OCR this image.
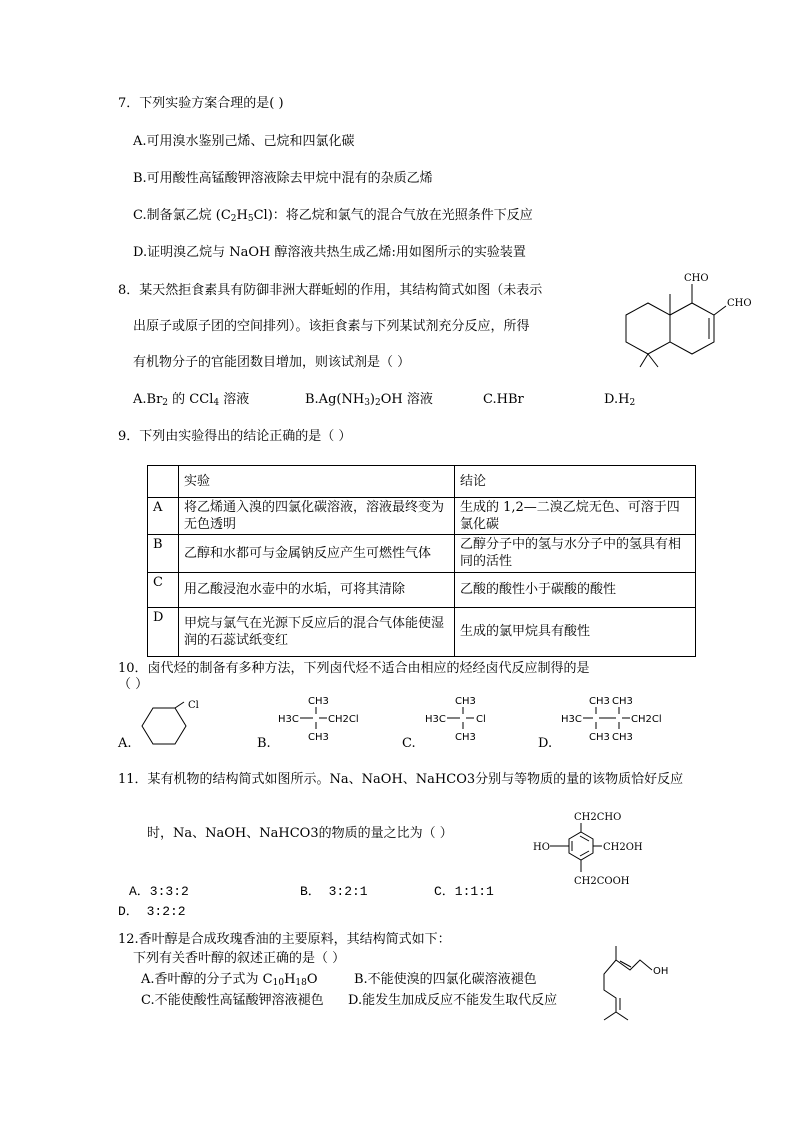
7．下列实验方案合理的是( )
A.可用溴水鉴别己烯、己烷和四氯化碳
B.可用酸性高锰酸钾溶液除去甲烷中混有的杂质乙烯
C.制备氯乙烷 $(C_2H_5Cl)$：将乙烷和氯气的混合气放在光照条件下反应
D.证明溴乙烷与 NaOH 醇溶液共热生成乙烯:用如图所示的实验装置
8．某天然拒食素具有防御非洲大群蚯蚓的作用，其结构简式如图（未表示
出原子或原子团的空间排列）。该拒食素与下列某试剂充分反应，所得
有机物分子的官能团数目增加，则该试剂是（ ）
$A.Br_2$ 的 CCl$_4$ 溶液	$B.Ag(NH_3)_2OH$ 溶液	C.HBr	$D.H_2$
CHO
CHO
9．下列由实验得出的结论正确的是（ ）
	实验	结论
A	将乙烯通入溴的四氯化碳溶液，溶液最终变为无色透明	生成的 1,2—二溴乙烷无色、可溶于四氯化碳
B	乙醇和水都可与金属钠反应产生可燃性气体	乙醇分子中的氢与水分子中的氢具有相同的活性
C	用乙酸浸泡水壶中的水垢，可将其清除	乙酸的酸性小于碳酸的酸性
D	甲烷与氯气在光源下反应后的混合气体能使湿润的石蕊试纸变红	生成的氯甲烷具有酸性
10．卤代烃的制备有多种方法，下列卤代烃不适合由相应的烃经卤代反应制得的是
（ ）
A.
Cl
B.
CH3
H3C	CH2Cl
CH3	C.
CH3
H3C	Cl
CH3	D.
CH3 CH3
H3C	CH2Cl
CH3 CH3
11．某有机物的结构简式如图所示。Na、NaOH、NaHCO3分别与等物质的量的该物质恰好反应
时，Na、NaOH、NaHCO3的物质的量之比为（ ）
CH2CHO
HO	CH2OH
CH2COOH
A．3:3:2	B． 3:2:1	C．1:1:1
D． 3:2:2
12.香叶醇是合成玫瑰香油的主要原料，其结构简式如下：
下列有关香叶醇的叙述正确的是（ ）
A.香叶醇的分子式为 $C_{10}H_{18}O$	B.不能使溴的四氯化碳溶液褪色
C.不能使酸性高锰酸钾溶液褪色 D.能发生加成反应不能发生取代反应
OH
